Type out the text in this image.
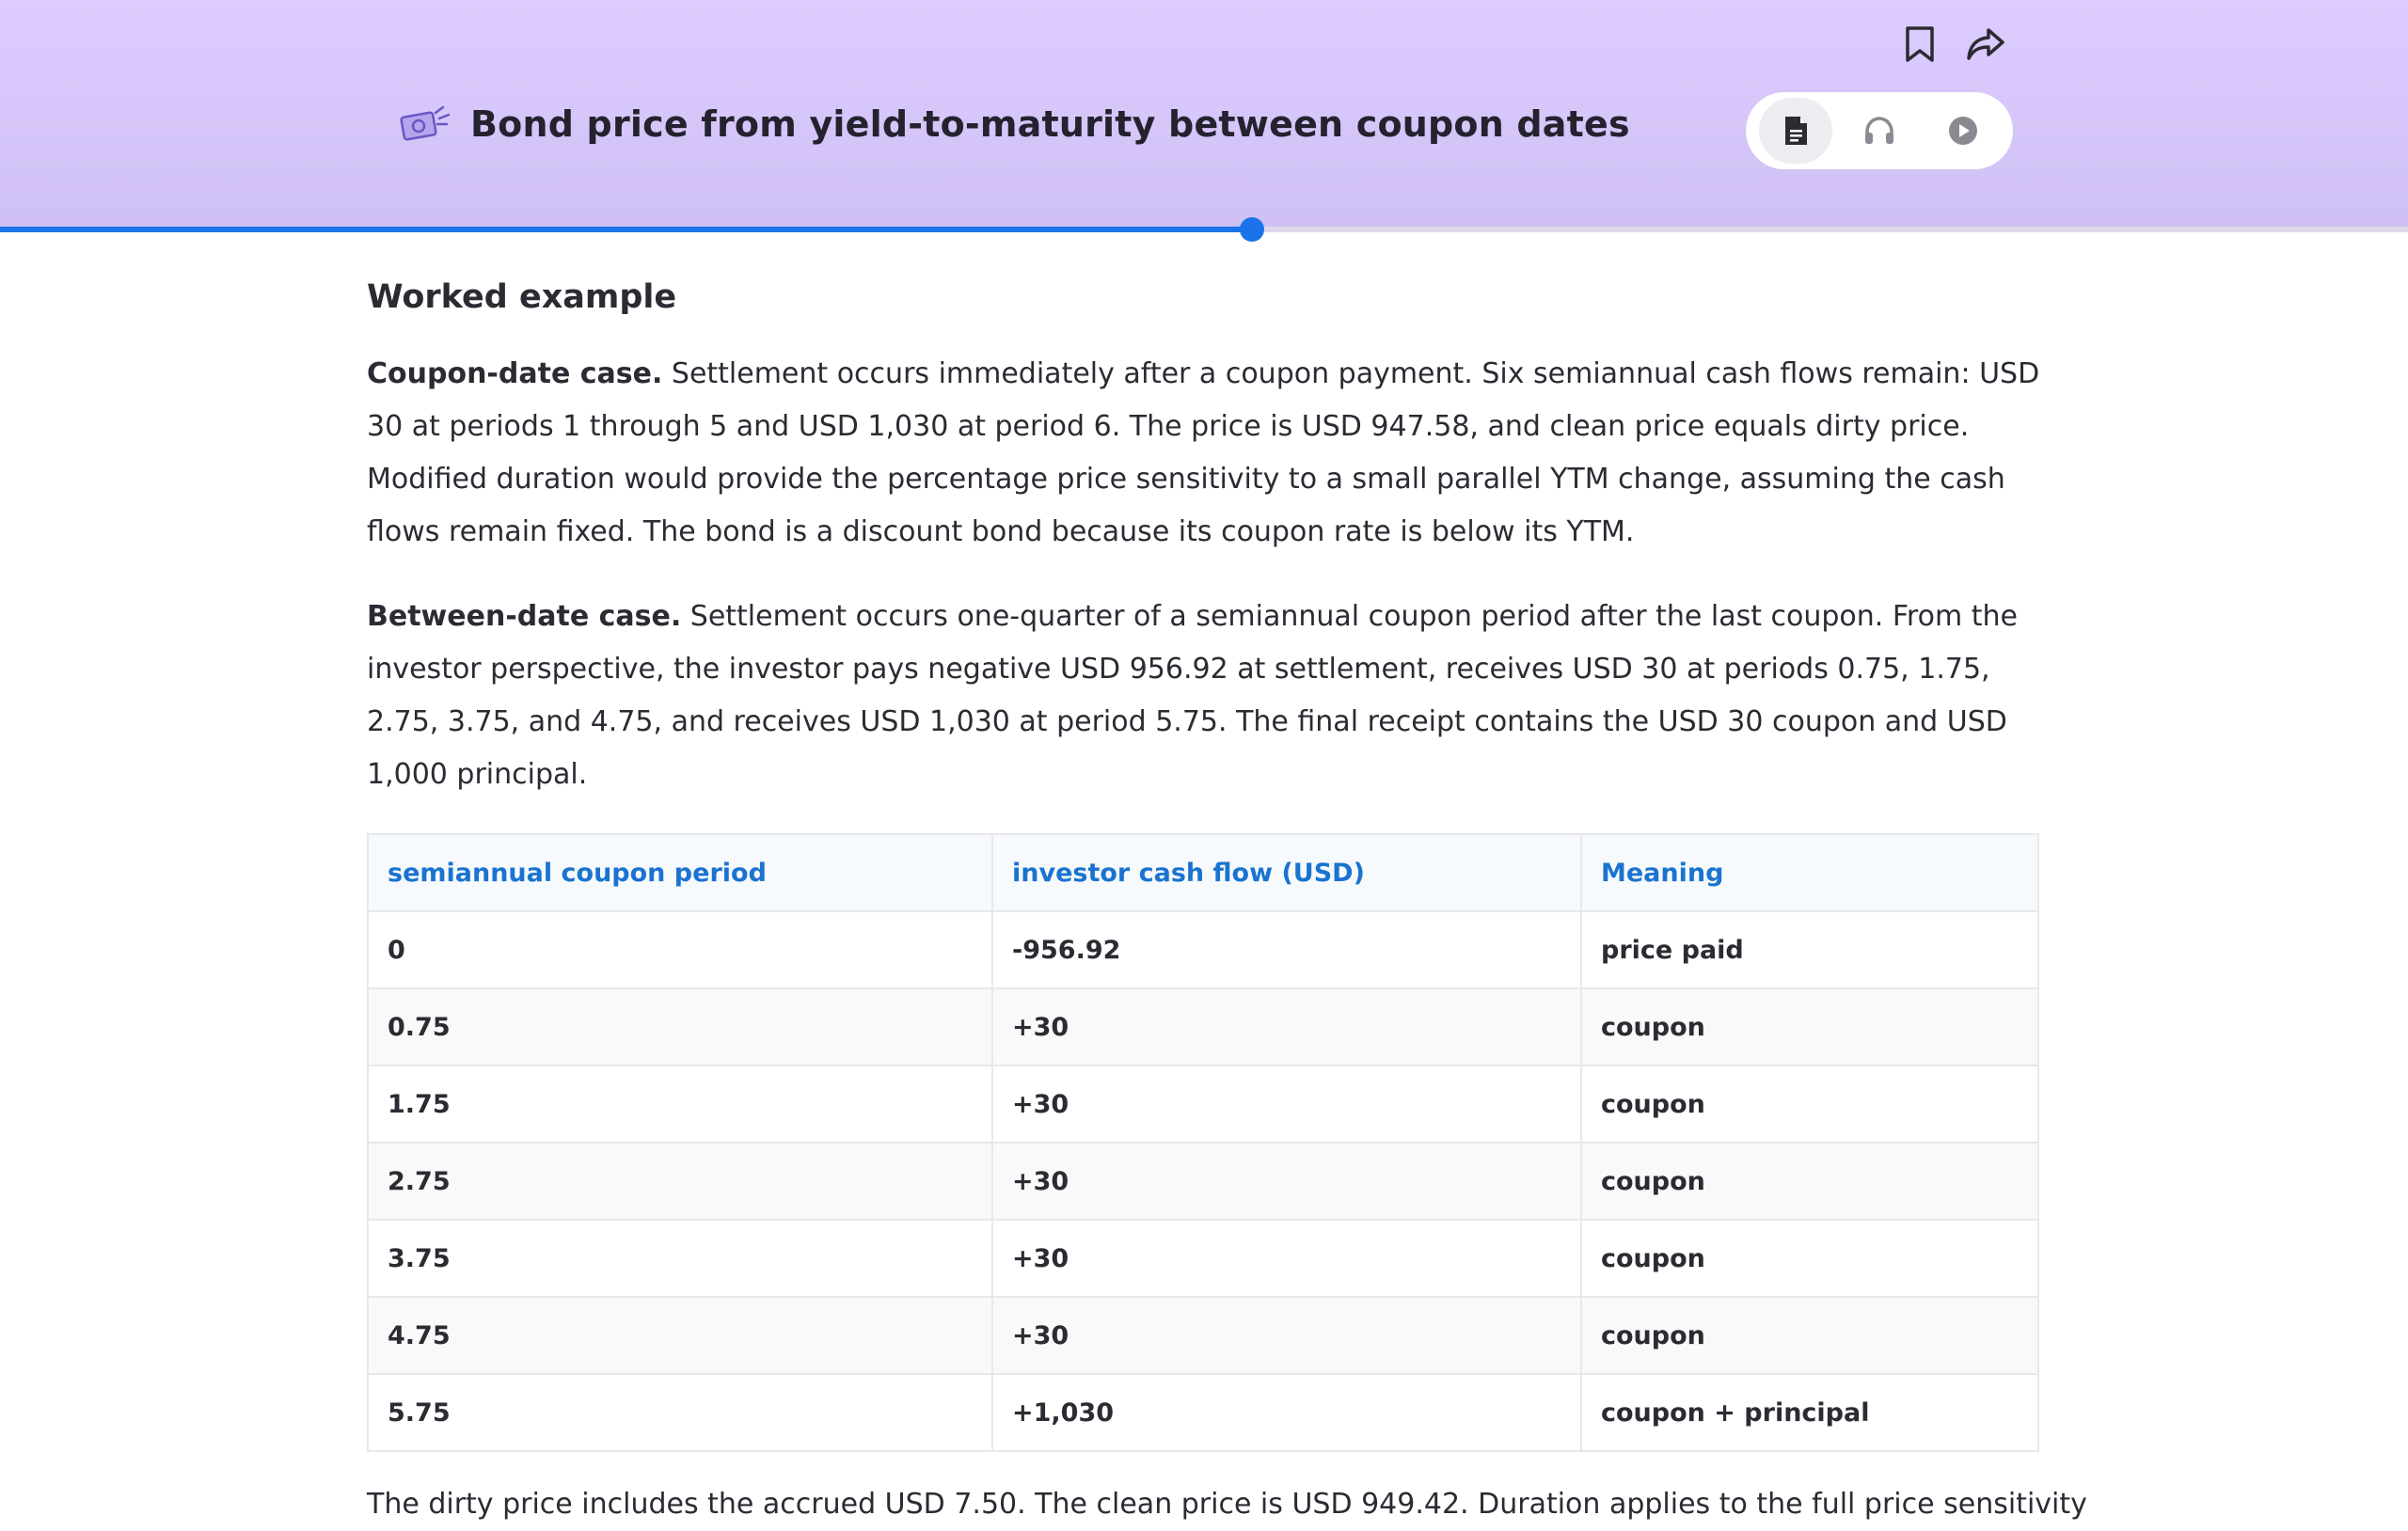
Bond price from yield-to-maturity between coupon dates
Worked example

Coupon-date case. Settlement occurs immediately after a coupon payment. Six semiannual cash flows remain: USD 30 at periods 1 through 5 and USD 1,030 at period 6. The price is USD 947.58, and clean price equals dirty price. Modified duration would provide the percentage price sensitivity to a small parallel YTM change, assuming the cash flows remain fixed. The bond is a discount bond because its coupon rate is below its YTM.

Between-date case. Settlement occurs one-quarter of a semiannual coupon period after the last coupon. From the investor perspective, the investor pays negative USD 956.92 at settlement, receives USD 30 at periods 0.75, 1.75, 2.75, 3.75, and 4.75, and receives USD 1,030 at period 5.75. The final receipt contains the USD 30 coupon and USD 1,000 principal.

semiannual coupon period	investor cash flow (USD)	Meaning
0	-956.92	price paid
0.75	+30	coupon
1.75	+30	coupon
2.75	+30	coupon
3.75	+30	coupon
4.75	+30	coupon
5.75	+1,030	coupon + principal
The dirty price includes the accrued USD 7.50. The clean price is USD 949.42. Duration applies to the full price sensitivity
